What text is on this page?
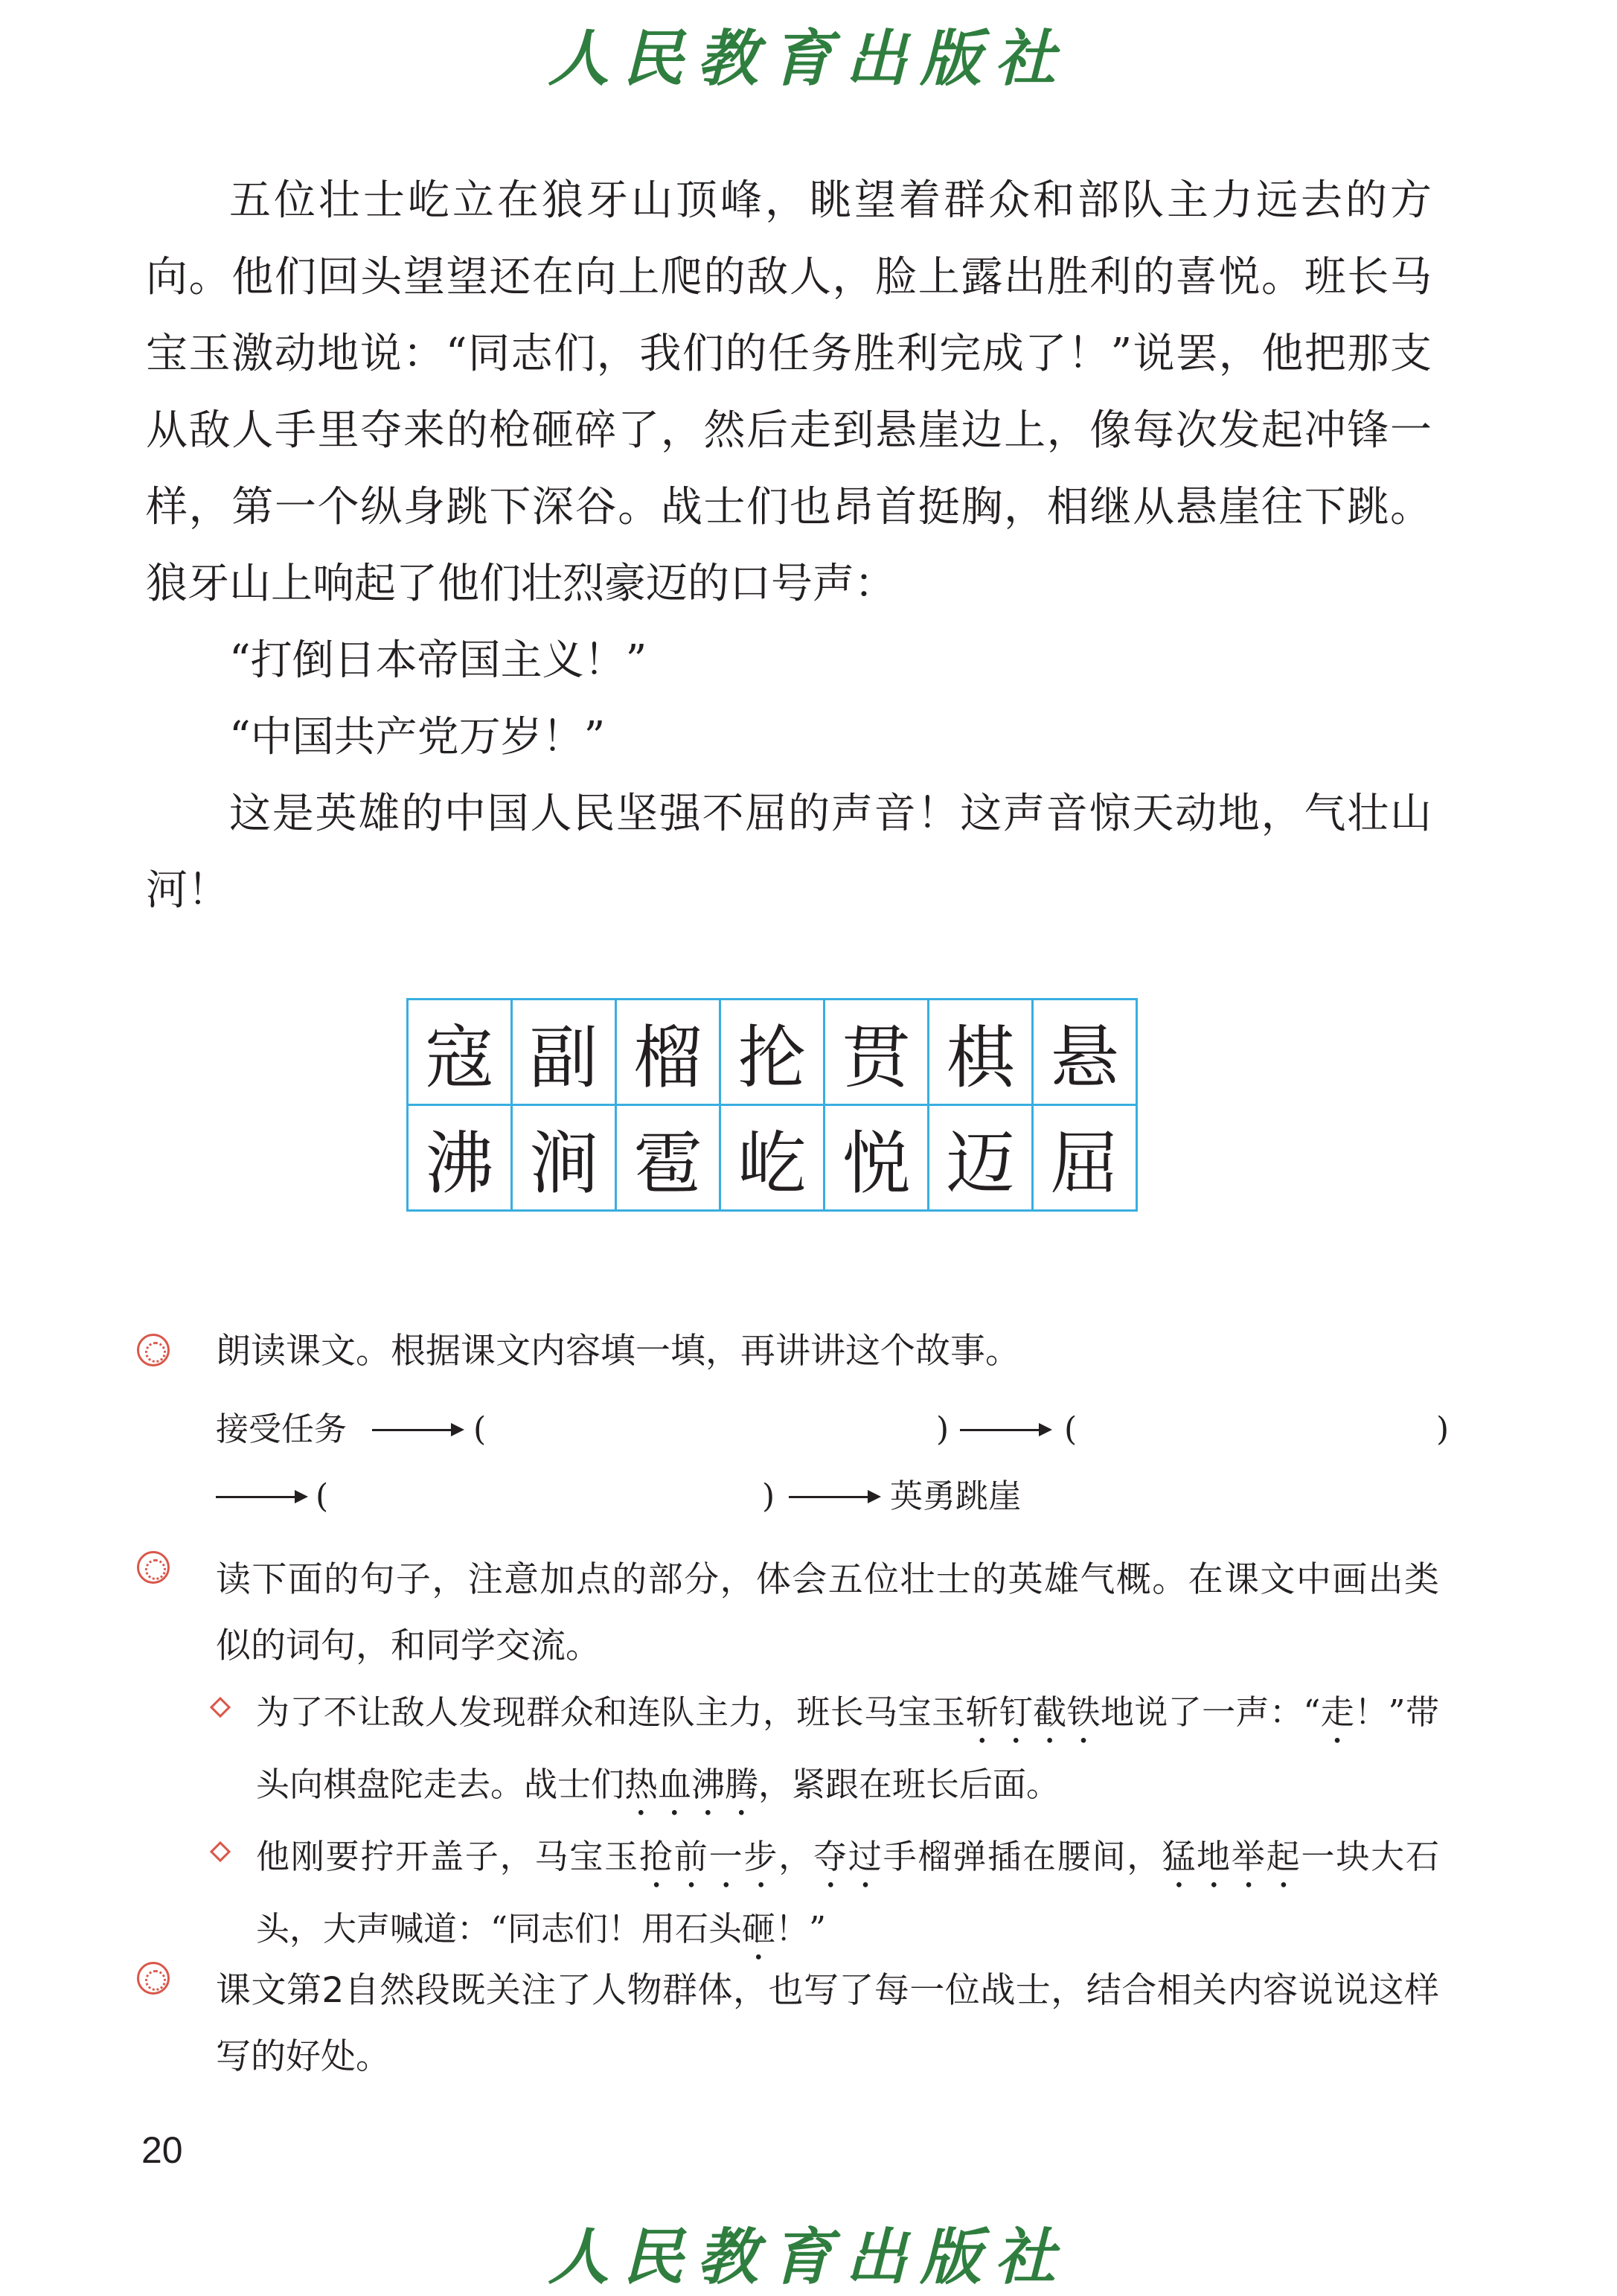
人民教育出版社

五位壮士屹立在狼牙山顶峰，眺望着群众和部队主力远去的方向。他们回头望望还在向上爬的敌人，脸上露出胜利的喜悦。班长马宝玉激动地说：“同志们，我们的任务胜利完成了！”说罢，他把那支从敌人手里夺来的枪砸碎了，然后走到悬崖边上，像每次发起冲锋一样，第一个纵身跳下深谷。战士们也昂首挺胸，相继从悬崖往下跳。狼牙山上响起了他们壮烈豪迈的口号声：

“打倒日本帝国主义！”

“中国共产党万岁！”

这是英雄的中国人民坚强不屈的声音！这声音惊天动地，气壮山河！

寇	副	榴	抡	贯	棋	悬
沸	涧	雹	屹	悦	迈	屈
朗读课文。根据课文内容填一填，再讲讲这个故事。
接受任务	(	)	(	)
(	)	英勇跳崖
读下面的句子，注意加点的部分，体会五位壮士的英雄气概。在课文中画出类似的词句，和同学交流。
为了不让敌人发现群众和连队主力，班长马宝玉斩钉截铁地说了一声：“走！”带头向棋盘陀走去。战士们热血沸腾，紧跟在班长后面。
他刚要拧开盖子，马宝玉抢前一步，夺过手榴弹插在腰间，猛地举起一块大石头，大声喊道：“同志们！用石头砸！”
课文第2自然段既关注了人物群体，也写了每一位战士，结合相关内容说说这样写的好处。
20
人民教育出版社
